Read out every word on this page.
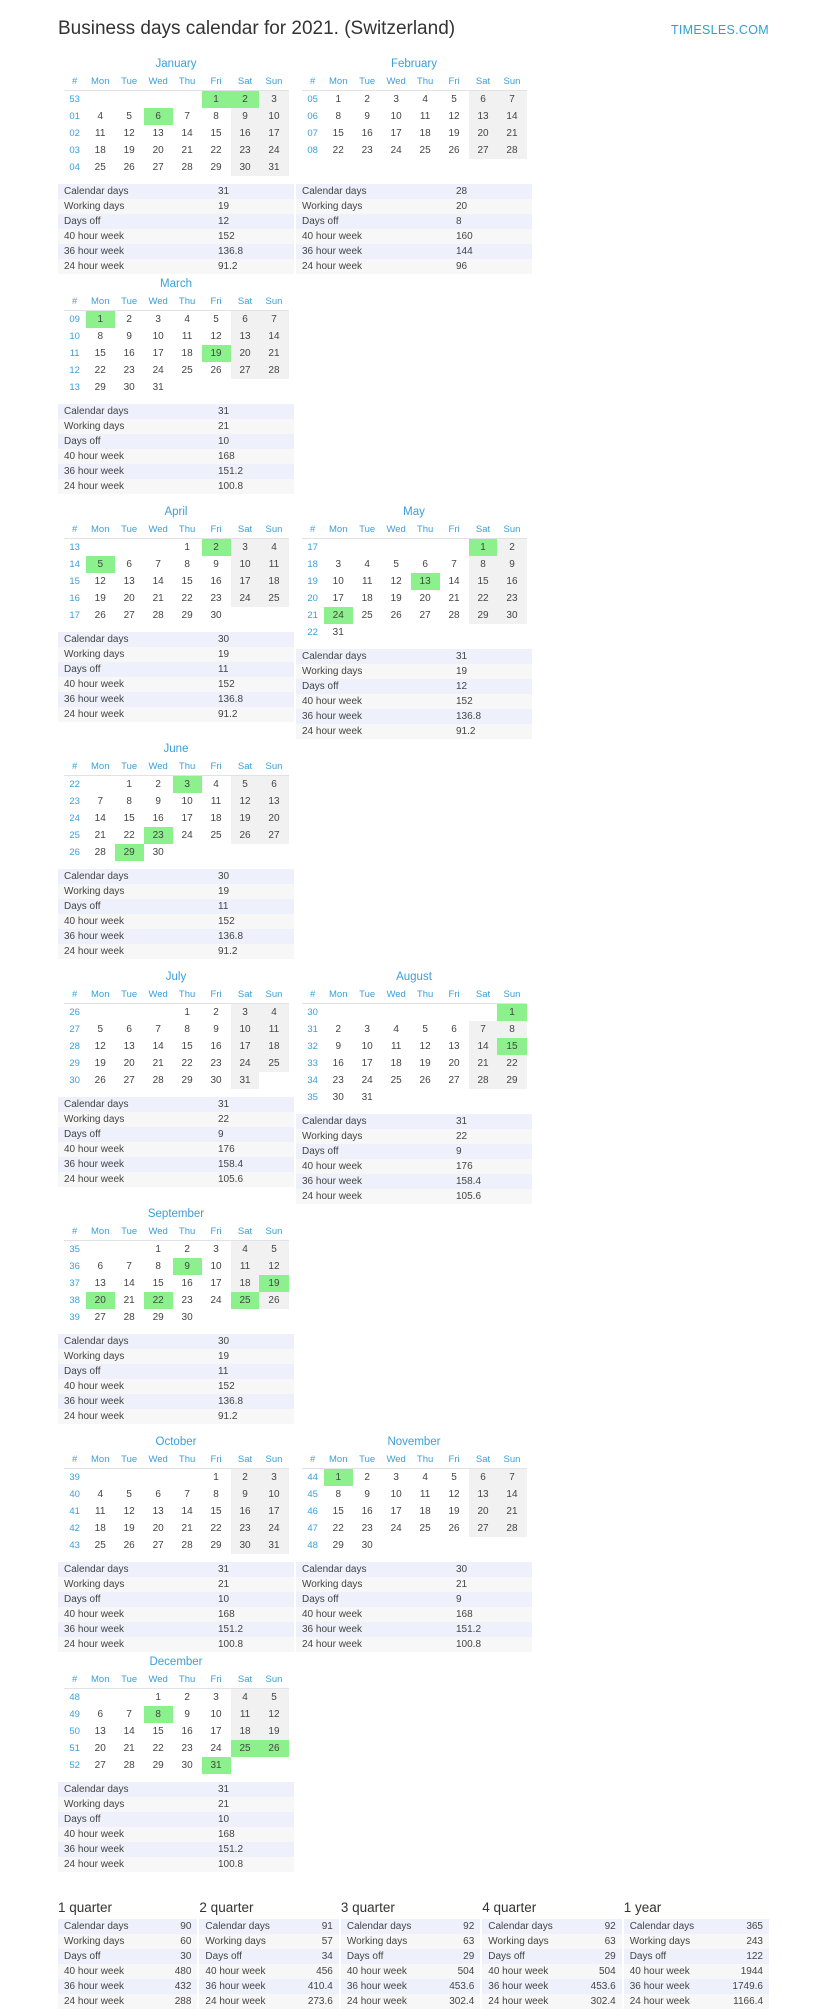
Business days calendar for 2021. (Switzerland)	TIMESLES.COM
January
#	Mon	Tue	Wed	Thu	Fri	Sat	Sun
53					1	2	3
01	4	5	6	7	8	9	10
02	11	12	13	14	15	16	17
03	18	19	20	21	22	23	24
04	25	26	27	28	29	30	31
Calendar days	31
Working days	19
Days off	12
40 hour week	152
36 hour week	136.8
24 hour week	91.2
February
#	Mon	Tue	Wed	Thu	Fri	Sat	Sun
05	1	2	3	4	5	6	7
06	8	9	10	11	12	13	14
07	15	16	17	18	19	20	21
08	22	23	24	25	26	27	28

Calendar days	28
Working days	20
Days off	8
40 hour week	160
36 hour week	144
24 hour week	96
March
#	Mon	Tue	Wed	Thu	Fri	Sat	Sun
09	1	2	3	4	5	6	7
10	8	9	10	11	12	13	14
11	15	16	17	18	19	20	21
12	22	23	24	25	26	27	28
13	29	30	31				
Calendar days	31
Working days	21
Days off	10
40 hour week	168
36 hour week	151.2
24 hour week	100.8
April
#	Mon	Tue	Wed	Thu	Fri	Sat	Sun
13				1	2	3	4
14	5	6	7	8	9	10	11
15	12	13	14	15	16	17	18
16	19	20	21	22	23	24	25
17	26	27	28	29	30		
Calendar days	30
Working days	19
Days off	11
40 hour week	152
36 hour week	136.8
24 hour week	91.2
May
#	Mon	Tue	Wed	Thu	Fri	Sat	Sun
17						1	2
18	3	4	5	6	7	8	9
19	10	11	12	13	14	15	16
20	17	18	19	20	21	22	23
21	24	25	26	27	28	29	30
22	31						
Calendar days	31
Working days	19
Days off	12
40 hour week	152
36 hour week	136.8
24 hour week	91.2
June
#	Mon	Tue	Wed	Thu	Fri	Sat	Sun
22		1	2	3	4	5	6
23	7	8	9	10	11	12	13
24	14	15	16	17	18	19	20
25	21	22	23	24	25	26	27
26	28	29	30				
Calendar days	30
Working days	19
Days off	11
40 hour week	152
36 hour week	136.8
24 hour week	91.2
July
#	Mon	Tue	Wed	Thu	Fri	Sat	Sun
26				1	2	3	4
27	5	6	7	8	9	10	11
28	12	13	14	15	16	17	18
29	19	20	21	22	23	24	25
30	26	27	28	29	30	31	
Calendar days	31
Working days	22
Days off	9
40 hour week	176
36 hour week	158.4
24 hour week	105.6
August
#	Mon	Tue	Wed	Thu	Fri	Sat	Sun
30							1
31	2	3	4	5	6	7	8
32	9	10	11	12	13	14	15
33	16	17	18	19	20	21	22
34	23	24	25	26	27	28	29
35	30	31					
Calendar days	31
Working days	22
Days off	9
40 hour week	176
36 hour week	158.4
24 hour week	105.6
September
#	Mon	Tue	Wed	Thu	Fri	Sat	Sun
35			1	2	3	4	5
36	6	7	8	9	10	11	12
37	13	14	15	16	17	18	19
38	20	21	22	23	24	25	26
39	27	28	29	30			
Calendar days	30
Working days	19
Days off	11
40 hour week	152
36 hour week	136.8
24 hour week	91.2
October
#	Mon	Tue	Wed	Thu	Fri	Sat	Sun
39					1	2	3
40	4	5	6	7	8	9	10
41	11	12	13	14	15	16	17
42	18	19	20	21	22	23	24
43	25	26	27	28	29	30	31
Calendar days	31
Working days	21
Days off	10
40 hour week	168
36 hour week	151.2
24 hour week	100.8
November
#	Mon	Tue	Wed	Thu	Fri	Sat	Sun
44	1	2	3	4	5	6	7
45	8	9	10	11	12	13	14
46	15	16	17	18	19	20	21
47	22	23	24	25	26	27	28
48	29	30					
Calendar days	30
Working days	21
Days off	9
40 hour week	168
36 hour week	151.2
24 hour week	100.8
December
#	Mon	Tue	Wed	Thu	Fri	Sat	Sun
48			1	2	3	4	5
49	6	7	8	9	10	11	12
50	13	14	15	16	17	18	19
51	20	21	22	23	24	25	26
52	27	28	29	30	31		
Calendar days	31
Working days	21
Days off	10
40 hour week	168
36 hour week	151.2
24 hour week	100.8
1 quarter
Calendar days	90
Working days	60
Days off	30
40 hour week	480
36 hour week	432
24 hour week	288
2 quarter
Calendar days	91
Working days	57
Days off	34
40 hour week	456
36 hour week	410.4
24 hour week	273.6
3 quarter
Calendar days	92
Working days	63
Days off	29
40 hour week	504
36 hour week	453.6
24 hour week	302.4
4 quarter
Calendar days	92
Working days	63
Days off	29
40 hour week	504
36 hour week	453.6
24 hour week	302.4
1 year
Calendar days	365
Working days	243
Days off	122
40 hour week	1944
36 hour week	1749.6
24 hour week	1166.4
